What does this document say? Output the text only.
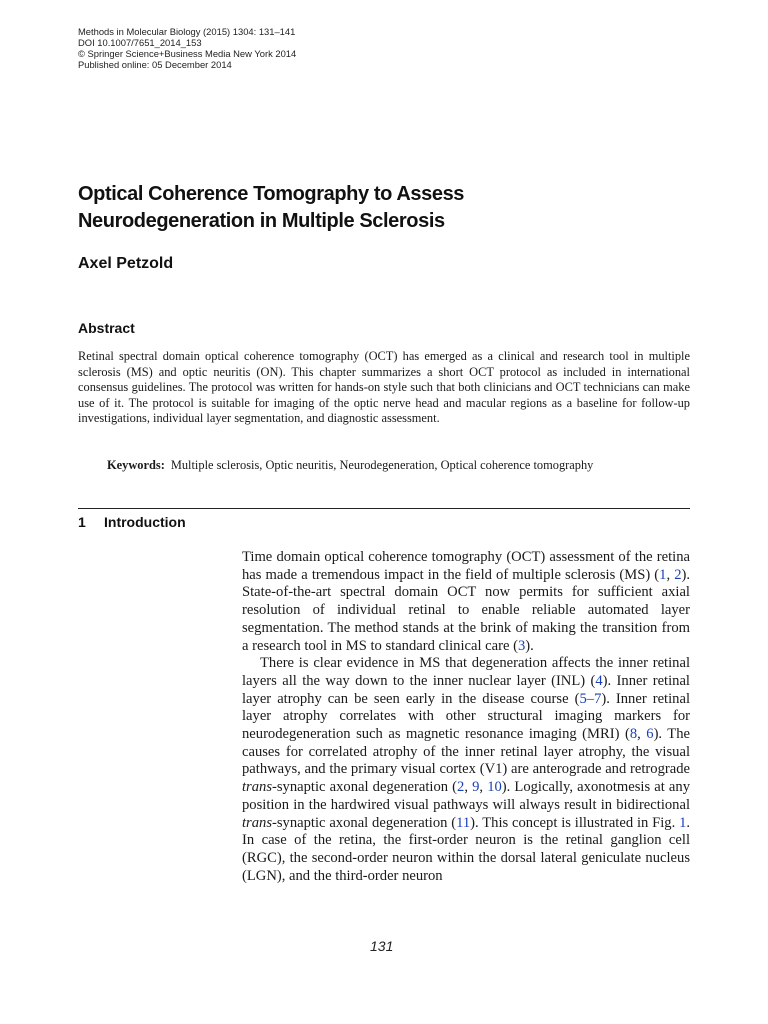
Methods in Molecular Biology (2015) 1304: 131–141
DOI 10.1007/7651_2014_153
© Springer Science+Business Media New York 2014
Published online: 05 December 2014
Optical Coherence Tomography to Assess
Neurodegeneration in Multiple Sclerosis
Axel Petzold
Abstract

Retinal spectral domain optical coherence tomography (OCT) has emerged as a clinical and research tool in multiple sclerosis (MS) and optic neuritis (ON). This chapter summarizes a short OCT protocol as included in international consensus guidelines. The protocol was written for hands-on style such that both clinicians and OCT technicians can make use of it. The protocol is suitable for imaging of the optic nerve head and macular regions as a baseline for follow-up investigations, individual layer segmentation, and diagnostic assessment.

Keywords: Multiple sclerosis, Optic neuritis, Neurodegeneration, Optical coherence tomography

1 Introduction

Time domain optical coherence tomography (OCT) assessment of the retina has made a tremendous impact in the field of multiple sclerosis (MS) (1, 2). State-of-the-art spectral domain OCT now permits for sufficient axial resolution of individual retinal to enable reliable automated layer segmentation. The method stands at the brink of making the transition from a research tool in MS to standard clinical care (3).

There is clear evidence in MS that degeneration affects the inner retinal layers all the way down to the inner nuclear layer (INL) (4). Inner retinal layer atrophy can be seen early in the disease course (5–7). Inner retinal layer atrophy correlates with other structural imaging markers for neurodegeneration such as magnetic resonance imaging (MRI) (8, 6). The causes for correlated atrophy of the inner retinal layer atrophy, the visual pathways, and the primary visual cortex (V1) are anterograde and retrograde trans-synaptic axonal degeneration (2, 9, 10). Logically, axonotmesis at any position in the hardwired visual pathways will always result in bidirectional trans-synaptic axonal degeneration (11). This concept is illustrated in Fig. 1. In case of the retina, the first-order neuron is the retinal ganglion cell (RGC), the second-order neuron within the dorsal lateral geniculate nucleus (LGN), and the third-order neuron

131
